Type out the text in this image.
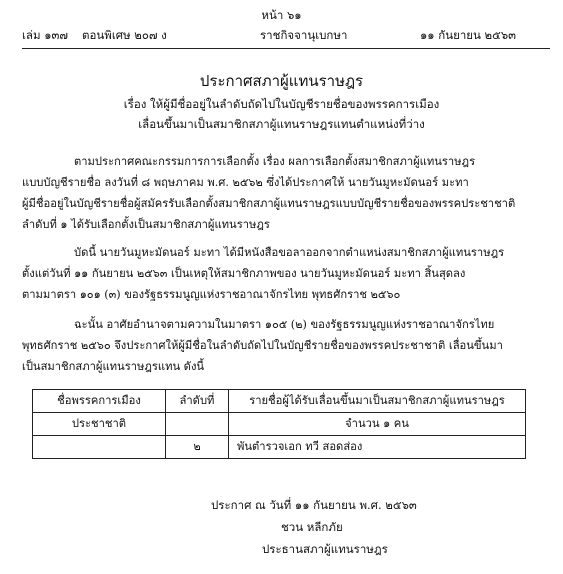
หน้า ๖๑
เล่ม ๑๓๗ ตอนพิเศษ ๒๐๗ ง	ราชกิจจานุเบกษา	๑๑ กันยายน ๒๕๖๓
ประกาศสภาผู้แทนราษฎร
เรื่อง ให้ผู้มีชื่ออยู่ในลำดับถัดไปในบัญชีรายชื่อของพรรคการเมือง
เลื่อนขึ้นมาเป็นสมาชิกสภาผู้แทนราษฎรแทนตำแหน่งที่ว่าง
ตามประกาศคณะกรรมการการเลือกตั้ง เรื่อง ผลการเลือกตั้งสมาชิกสภาผู้แทนราษฎร
แบบบัญชีรายชื่อ ลงวันที่ ๘ พฤษภาคม พ.ศ. ๒๕๖๒ ซึ่งได้ประกาศให้ นายวันมูหะมัดนอร์ มะทา
ผู้มีชื่ออยู่ในบัญชีรายชื่อผู้สมัครรับเลือกตั้งสมาชิกสภาผู้แทนราษฎรแบบบัญชีรายชื่อของพรรคประชาชาติ
ลำดับที่ ๑ ได้รับเลือกตั้งเป็นสมาชิกสภาผู้แทนราษฎร
บัดนี้ นายวันมูหะมัดนอร์ มะทา ได้มีหนังสือขอลาออกจากตำแหน่งสมาชิกสภาผู้แทนราษฎร
ตั้งแต่วันที่ ๑๑ กันยายน ๒๕๖๓ เป็นเหตุให้สมาชิกภาพของ นายวันมูหะมัดนอร์ มะทา สิ้นสุดลง
ตามมาตรา ๑๐๑ (๓) ของรัฐธรรมนูญแห่งราชอาณาจักรไทย พุทธศักราช ๒๕๖๐
ฉะนั้น อาศัยอำนาจตามความในมาตรา ๑๐๕ (๒) ของรัฐธรรมนูญแห่งราชอาณาจักรไทย
พุทธศักราช ๒๕๖๐ จึงประกาศให้ผู้มีชื่อในลำดับถัดไปในบัญชีรายชื่อของพรรคประชาชาติ เลื่อนขึ้นมา
เป็นสมาชิกสภาผู้แทนราษฎรแทน ดังนี้
ชื่อพรรคการเมือง	ลำดับที่	รายชื่อผู้ได้รับเลื่อนขึ้นมาเป็นสมาชิกสภาผู้แทนราษฎร
ประชาชาติ		จำนวน ๑ คน
	๒	พันตำรวจเอก ทวี สอดส่อง
ประกาศ ณ วันที่ ๑๑ กันยายน พ.ศ. ๒๕๖๓
ชวน หลีกภัย
ประธานสภาผู้แทนราษฎร
